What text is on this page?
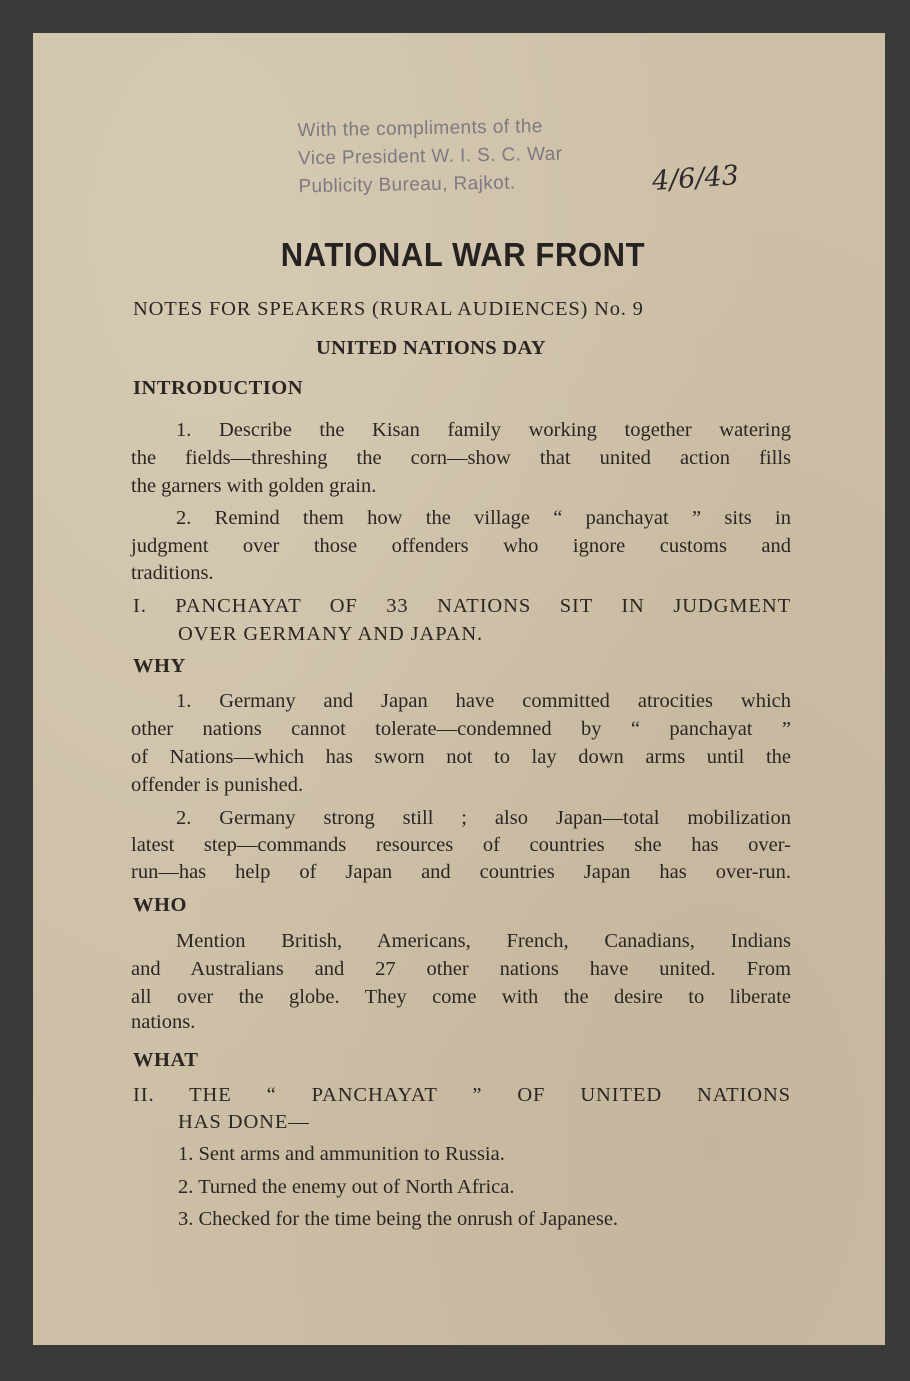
With the compliments of the
Vice President W. I. S. C. War
Publicity Bureau, Rajkot.	4/6/43
NATIONAL WAR FRONT
NOTES FOR SPEAKERS (RURAL AUDIENCES) No. 9
UNITED NATIONS DAY
INTRODUCTION
1. Describe the Kisan family working together watering
the fields—threshing the corn—show that united action fills
the garners with golden grain.
2. Remind them how the village “ panchayat ” sits in
judgment over those offenders who ignore customs and
traditions.
I. PANCHAYAT OF 33 NATIONS SIT IN JUDGMENT
OVER GERMANY AND JAPAN.
WHY
1. Germany and Japan have committed atrocities which
other nations cannot tolerate—condemned by “ panchayat ”
of Nations—which has sworn not to lay down arms until the
offender is punished.
2. Germany strong still ; also Japan—total mobilization
latest step—commands resources of countries she has over-
run—has help of Japan and countries Japan has over-run.
WHO
Mention British, Americans, French, Canadians, Indians
and Australians and 27 other nations have united. From
all over the globe. They come with the desire to liberate
nations.
WHAT
II. THE “ PANCHAYAT ” OF UNITED NATIONS
HAS DONE—
1. Sent arms and ammunition to Russia.
2. Turned the enemy out of North Africa.
3. Checked for the time being the onrush of Japanese.
